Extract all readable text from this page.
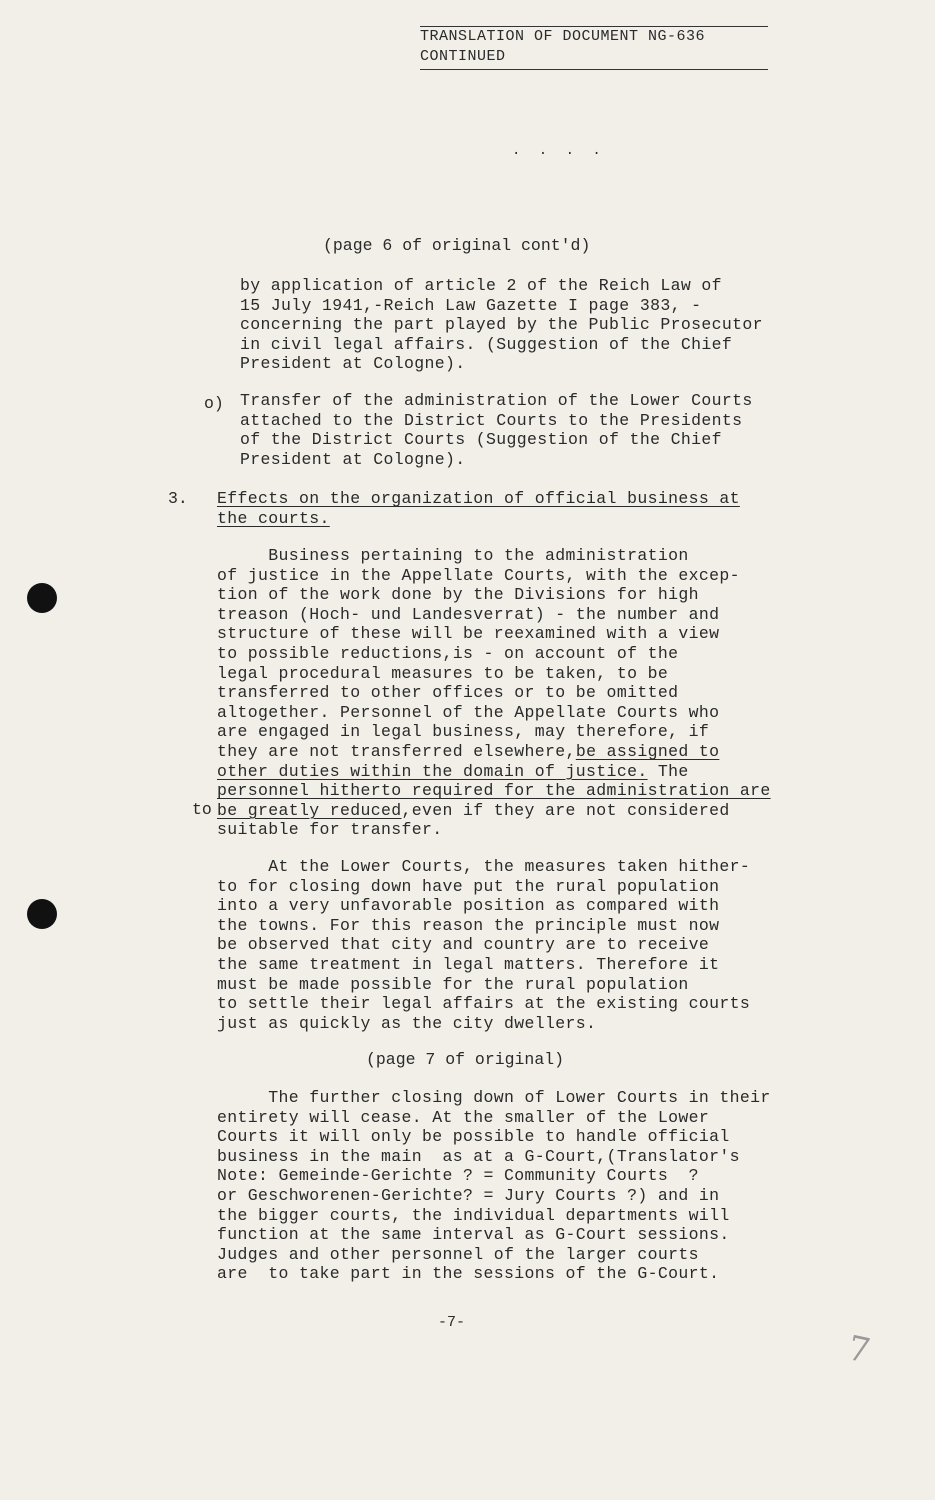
TRANSLATION OF DOCUMENT NG-636
CONTINUED
. . . .
(page 6 of original cont'd)
by application of article 2 of the Reich Law of
15 July 1941,-Reich Law Gazette I page 383, -
concerning the part played by the Public Prosecutor
in civil legal affairs. (Suggestion of the Chief
President at Cologne).
o) Transfer of the administration of the Lower Courts
attached to the District Courts to the Presidents
of the District Courts (Suggestion of the Chief
President at Cologne).
3. Effects on the organization of official business at
the courts.
Business pertaining to the administration
of justice in the Appellate Courts, with the excep-
tion of the work done by the Divisions for high
treason (Hoch- und Landesverrat) - the number and
structure of these will be reexamined with a view
to possible reductions,is - on account of the
legal procedural measures to be taken, to be
transferred to other offices or to be omitted
altogether. Personnel of the Appellate Courts who
are engaged in legal business, may therefore, if
they are not transferred elsewhere,be assigned to
other duties within the domain of justice. The
personnel hitherto required for the administration are
be greatly reduced,even if they are not considered
suitable for transfer.
to
At the Lower Courts, the measures taken hither-
to for closing down have put the rural population
into a very unfavorable position as compared with
the towns. For this reason the principle must now
be observed that city and country are to receive
the same treatment in legal matters. Therefore it
must be made possible for the rural population
to settle their legal affairs at the existing courts
just as quickly as the city dwellers.
(page 7 of original)
The further closing down of Lower Courts in their
entirety will cease. At the smaller of the Lower
Courts it will only be possible to handle official
business in the main  as at a G-Court,(Translator's
Note: Gemeinde-Gerichte ? = Community Courts  ?
or Geschworenen-Gerichte? = Jury Courts ?) and in
the bigger courts, the individual departments will
function at the same interval as G-Court sessions.
Judges and other personnel of the larger courts
are  to take part in the sessions of the G-Court.
-7-
7
